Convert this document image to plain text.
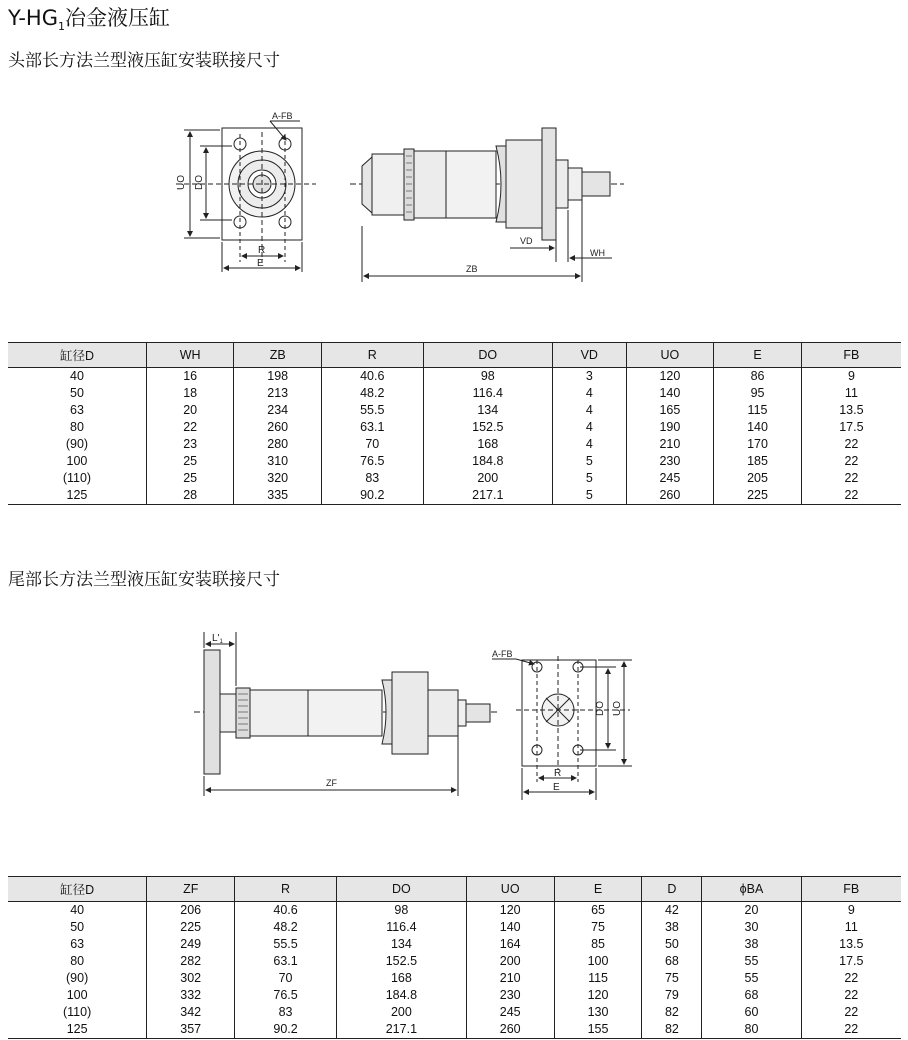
$Y-HG_1$冶金液压缸
头部长方法兰型液压缸安装联接尺寸
尾部长方法兰型液压缸安装联接尺寸
A-FB
UO DO
R
E
VD
WH
ZB
$L'_1$
ZF
A-FB
DO UO
R
E
缸径D	WH	ZB	R	DO	VD	UO	E	FB
40	16	198	40.6	98	3	120	86	9
50	18	213	48.2	116.4	4	140	95	11
63	20	234	55.5	134	4	165	115	13.5
80	22	260	63.1	152.5	4	190	140	17.5
(90)	23	280	70	168	4	210	170	22
100	25	310	76.5	184.8	5	230	185	22
(110)	25	320	83	200	5	245	205	22
125	28	335	90.2	217.1	5	260	225	22
缸径D	ZF	R	DO	UO	E	D	ϕBA	FB
40	206	40.6	98	120	65	42	20	9
50	225	48.2	116.4	140	75	38	30	11
63	249	55.5	134	164	85	50	38	13.5
80	282	63.1	152.5	200	100	68	55	17.5
(90)	302	70	168	210	115	75	55	22
100	332	76.5	184.8	230	120	79	68	22
(110)	342	83	200	245	130	82	60	22
125	357	90.2	217.1	260	155	82	80	22
